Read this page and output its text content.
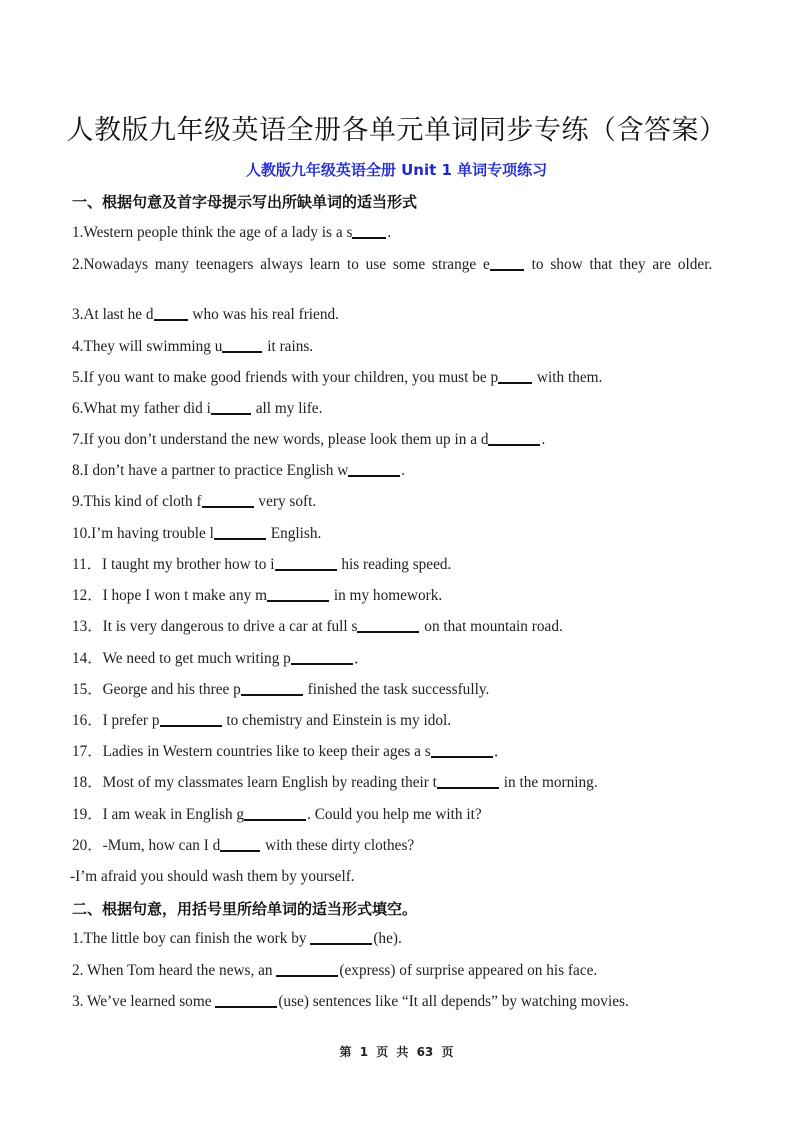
人教版九年级英语全册各单元单词同步专练（含答案）
人教版九年级英语全册 Unit 1 单词专项练习
一、根据句意及首字母提示写出所缺单词的适当形式
1.Western people think the age of a lady is a s .
2.Nowadays many teenagers always learn to use some strange e to show that they are older.
3.At last he d who was his real friend.
4.They will swimming u	it rains.
5.If you want to make good friends with your children, you must be p with them.
6.What my father did i	all my life.
7.If you don’t understand the new words, please look them up in a d	.
8.I don’t have a partner to practice English w	.
9.This kind of cloth f	very soft.
10.I’m having trouble l	English.
11．I taught my brother how to i	his reading speed.
12．I hope I won t make any m	in my homework.
13．It is very dangerous to drive a car at full s	on that mountain road.
14．We need to get much writing p	．
15．George and his three p	finished the task successfully.
16．I prefer p	to chemistry and Einstein is my idol.
17．Ladies in Western countries like to keep their ages a s	．
18．Most of my classmates learn English by reading their t	in the morning.
19．I am weak in English g	. Could you help me with it?
20．-Mum, how can I d	with these dirty clothes?
-I’m afraid you should wash them by yourself.
二、根据句意，用括号里所给单词的适当形式填空。
1.The little boy can finish the work by	(he).
2. When Tom heard the news, an	(express) of surprise appeared on his face.
3. We’ve learned some	(use) sentences like “It all depends” by watching movies.
第 1 页 共 63 页
